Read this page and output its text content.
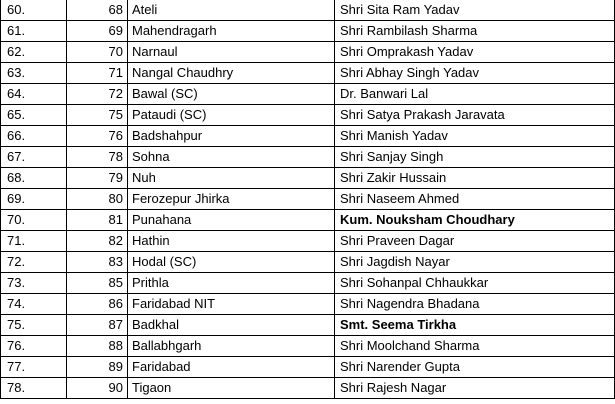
60.	68	Ateli	Shri Sita Ram Yadav
61.	69	Mahendragarh	Shri Rambilash Sharma
62.	70	Narnaul	Shri Omprakash Yadav
63.	71	Nangal Chaudhry	Shri Abhay Singh Yadav
64.	72	Bawal (SC)	Dr. Banwari Lal
65.	75	Pataudi (SC)	Shri Satya Prakash Jaravata
66.	76	Badshahpur	Shri Manish Yadav
67.	78	Sohna	Shri Sanjay Singh
68.	79	Nuh	Shri Zakir Hussain
69.	80	Ferozepur Jhirka	Shri Naseem Ahmed
70.	81	Punahana	Kum. Nouksham Choudhary
71.	82	Hathin	Shri Praveen Dagar
72.	83	Hodal (SC)	Shri Jagdish Nayar
73.	85	Prithla	Shri Sohanpal Chhaukkar
74.	86	Faridabad NIT	Shri Nagendra Bhadana
75.	87	Badkhal	Smt. Seema Tirkha
76.	88	Ballabhgarh	Shri Moolchand Sharma
77.	89	Faridabad	Shri Narender Gupta
78.	90	Tigaon	Shri Rajesh Nagar
